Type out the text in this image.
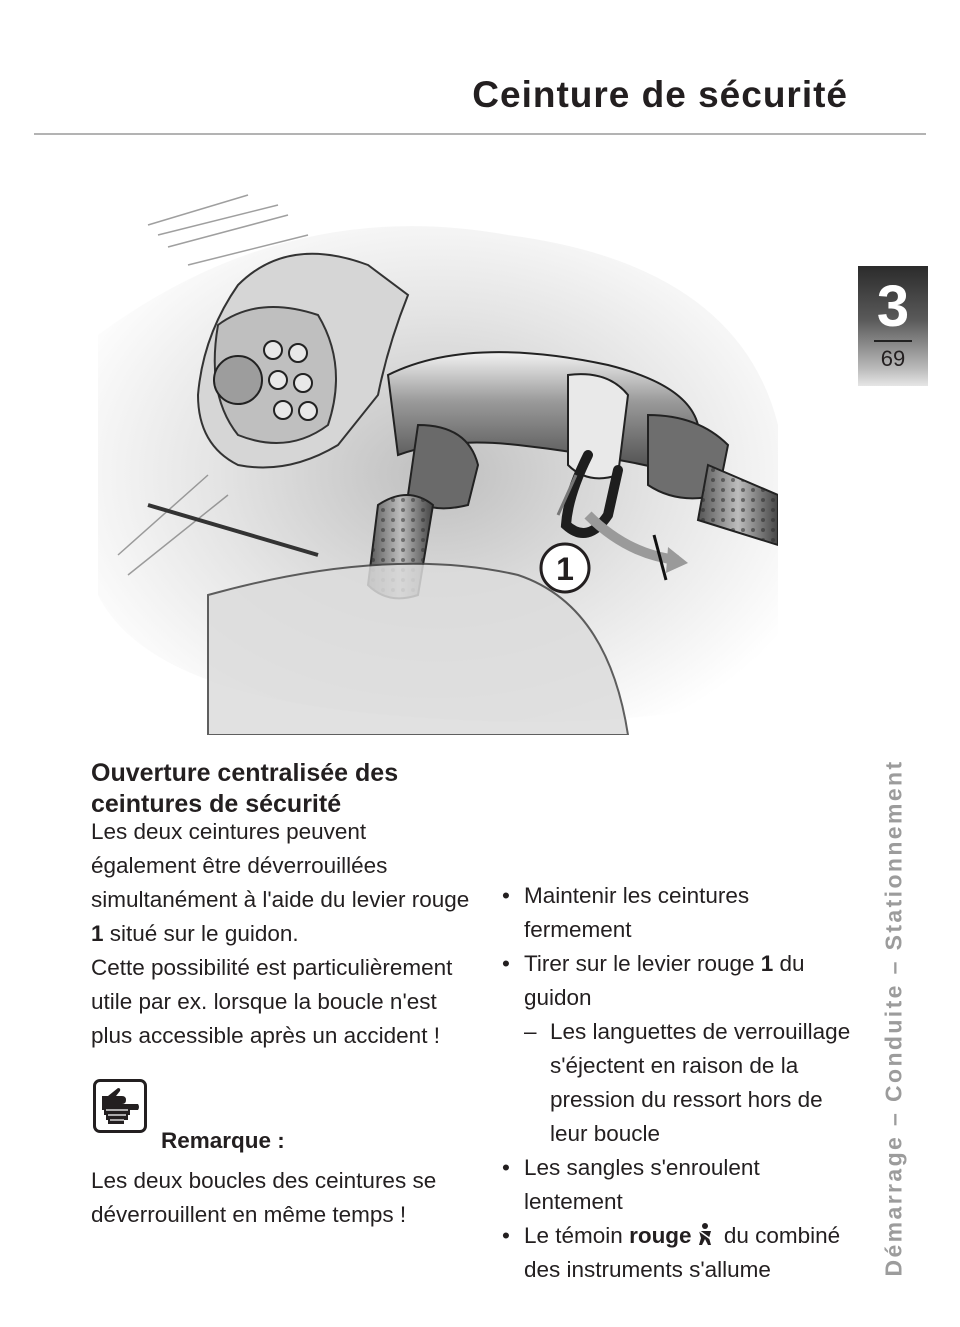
Ceinture de sécurité
3
69
Démarrage – Conduite – Stationnement
1
Ouverture centralisée des ceintures de sécurité

Les deux ceintures peuvent également être déverrouillées simultanément à l'aide du levier rouge 1 situé sur le guidon.

Cette possibilité est particulièrement utile par ex. lorsque la boucle n'est plus accessible après un accident !

Remarque :
Les deux boucles des ceintures se déverrouillent en même temps !
• Maintenir les ceintures fermement
• Tirer sur le levier rouge 1 du guidon
– Les languettes de verrouillage s'éjectent en raison de la pression du ressort hors de leur boucle
• Les sangles s'enroulent lentement
• Le témoin rouge du combiné des instruments s'allume
